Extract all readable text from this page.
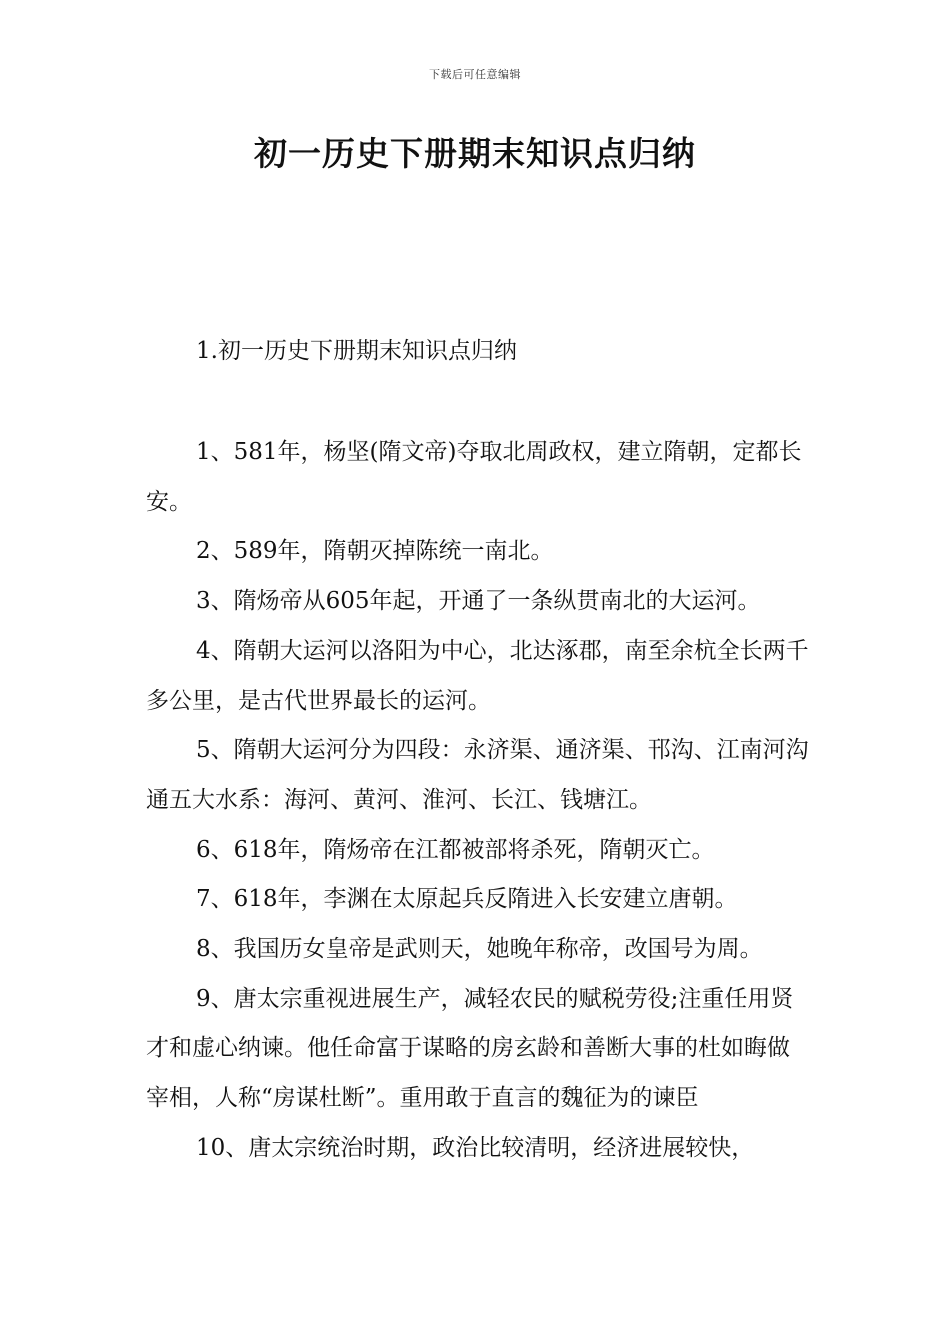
下载后可任意编辑
初一历史下册期末知识点归纳

1.初一历史下册期末知识点归纳

1、581年，杨坚(隋文帝)夺取北周政权，建立隋朝，定都长安。

2、589年，隋朝灭掉陈统一南北。

3、隋炀帝从605年起，开通了一条纵贯南北的大运河。

4、隋朝大运河以洛阳为中心，北达涿郡，南至余杭全长两千多公里，是古代世界最长的运河。

5、隋朝大运河分为四段：永济渠、通济渠、邗沟、江南河沟通五大水系：海河、黄河、淮河、长江、钱塘江。

6、618年，隋炀帝在江都被部将杀死，隋朝灭亡。

7、618年，李渊在太原起兵反隋进入长安建立唐朝。

8、我国历女皇帝是武则天，她晚年称帝，改国号为周。

9、唐太宗重视进展生产，减轻农民的赋税劳役;注重任用贤才和虚心纳谏。他任命富于谋略的房玄龄和善断大事的杜如晦做宰相，人称“房谋杜断”。重用敢于直言的魏征为的谏臣

10、唐太宗统治时期，政治比较清明，经济进展较快，
